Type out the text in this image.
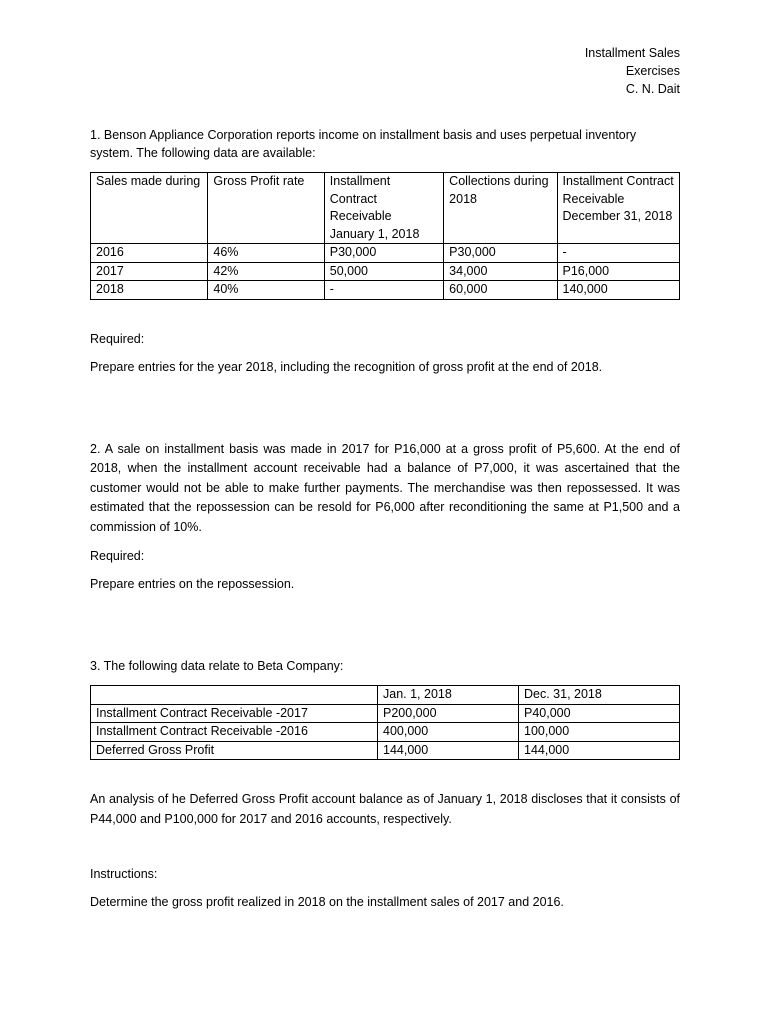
Installment Sales
Exercises
C. N. Dait

1. Benson Appliance Corporation reports income on installment basis and uses perpetual inventory system. The following data are available:

Sales made during	Gross Profit rate	Installment Contract Receivable January 1, 2018	Collections during 2018	Installment Contract Receivable December 31, 2018
2016	46%	P30,000	P30,000	-
2017	42%	50,000	34,000	P16,000
2018	40%	-	60,000	140,000

Required:

Prepare entries for the year 2018, including the recognition of gross profit at the end of 2018.

2. A sale on installment basis was made in 2017 for P16,000 at a gross profit of P5,600. At the end of 2018, when the installment account receivable had a balance of P7,000, it was ascertained that the customer would not be able to make further payments. The merchandise was then repossessed. It was estimated that the repossession can be resold for P6,000 after reconditioning the same at P1,500 and a commission of 10%.

Required:

Prepare entries on the repossession.

3. The following data relate to Beta Company:

	Jan. 1, 2018	Dec. 31, 2018
Installment Contract Receivable -2017	P200,000	P40,000
Installment Contract Receivable -2016	400,000	100,000
Deferred Gross Profit	144,000	144,000

An analysis of he Deferred Gross Profit account balance as of January 1, 2018 discloses that it consists of P44,000 and P100,000 for 2017 and 2016 accounts, respectively.

Instructions:

Determine the gross profit realized in 2018 on the installment sales of 2017 and 2016.
